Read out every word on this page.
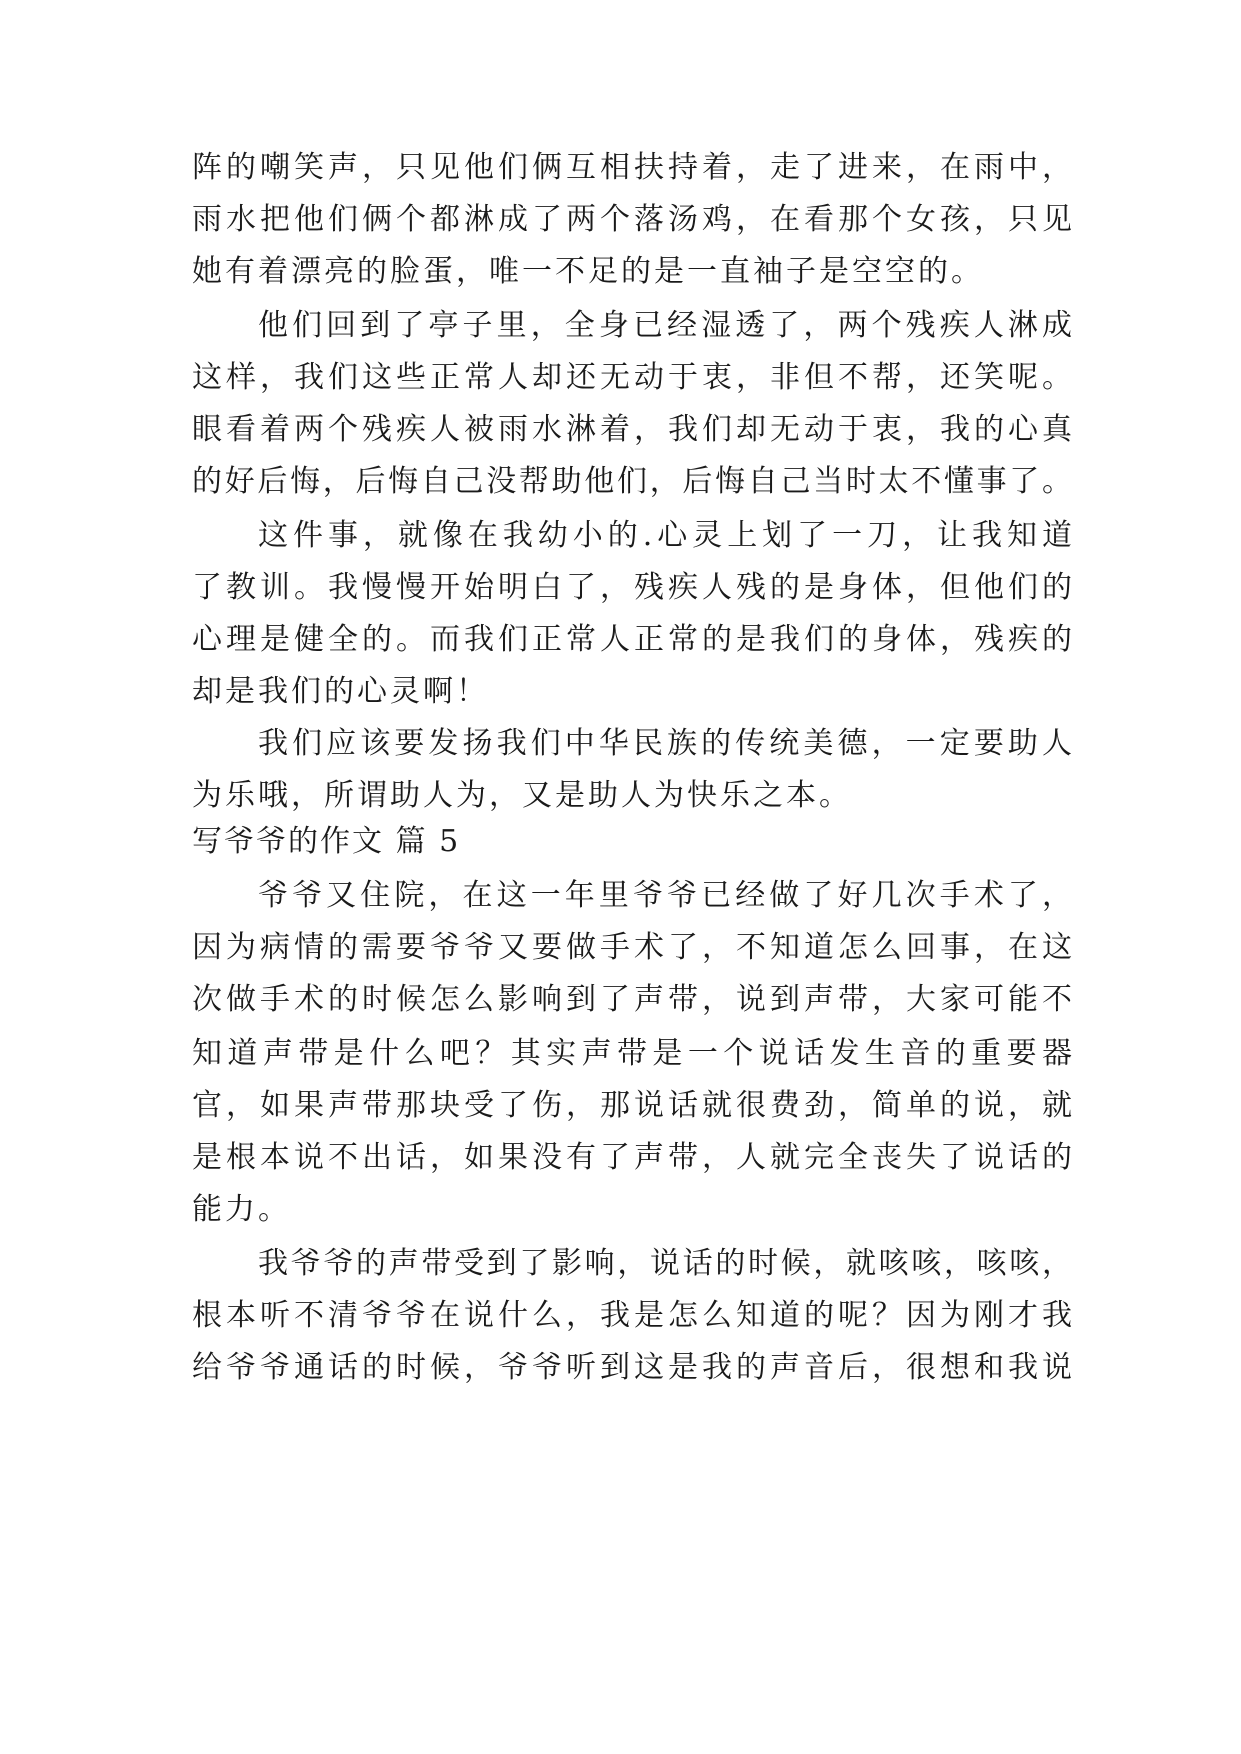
阵的嘲笑声，只见他们俩互相扶持着，走了进来，在雨中，
雨水把他们俩个都淋成了两个落汤鸡，在看那个女孩，只见
她有着漂亮的脸蛋，唯一不足的是一直袖子是空空的。
他们回到了亭子里，全身已经湿透了，两个残疾人淋成
这样，我们这些正常人却还无动于衷，非但不帮，还笑呢。
眼看着两个残疾人被雨水淋着，我们却无动于衷，我的心真
的好后悔，后悔自己没帮助他们，后悔自己当时太不懂事了。
这件事，就像在我幼小的.心灵上划了一刀，让我知道
了教训。我慢慢开始明白了，残疾人残的是身体，但他们的
心理是健全的。而我们正常人正常的是我们的身体，残疾的
却是我们的心灵啊！
我们应该要发扬我们中华民族的传统美德，一定要助人
为乐哦，所谓助人为，又是助人为快乐之本。
写爷爷的作文 篇 5
爷爷又住院，在这一年里爷爷已经做了好几次手术了，
因为病情的需要爷爷又要做手术了，不知道怎么回事，在这
次做手术的时候怎么影响到了声带，说到声带，大家可能不
知道声带是什么吧？其实声带是一个说话发生音的重要器
官，如果声带那块受了伤，那说话就很费劲，简单的说，就
是根本说不出话，如果没有了声带，人就完全丧失了说话的
能力。
我爷爷的声带受到了影响，说话的时候，就咳咳，咳咳，
根本听不清爷爷在说什么，我是怎么知道的呢？因为刚才我
给爷爷通话的时候，爷爷听到这是我的声音后，很想和我说
